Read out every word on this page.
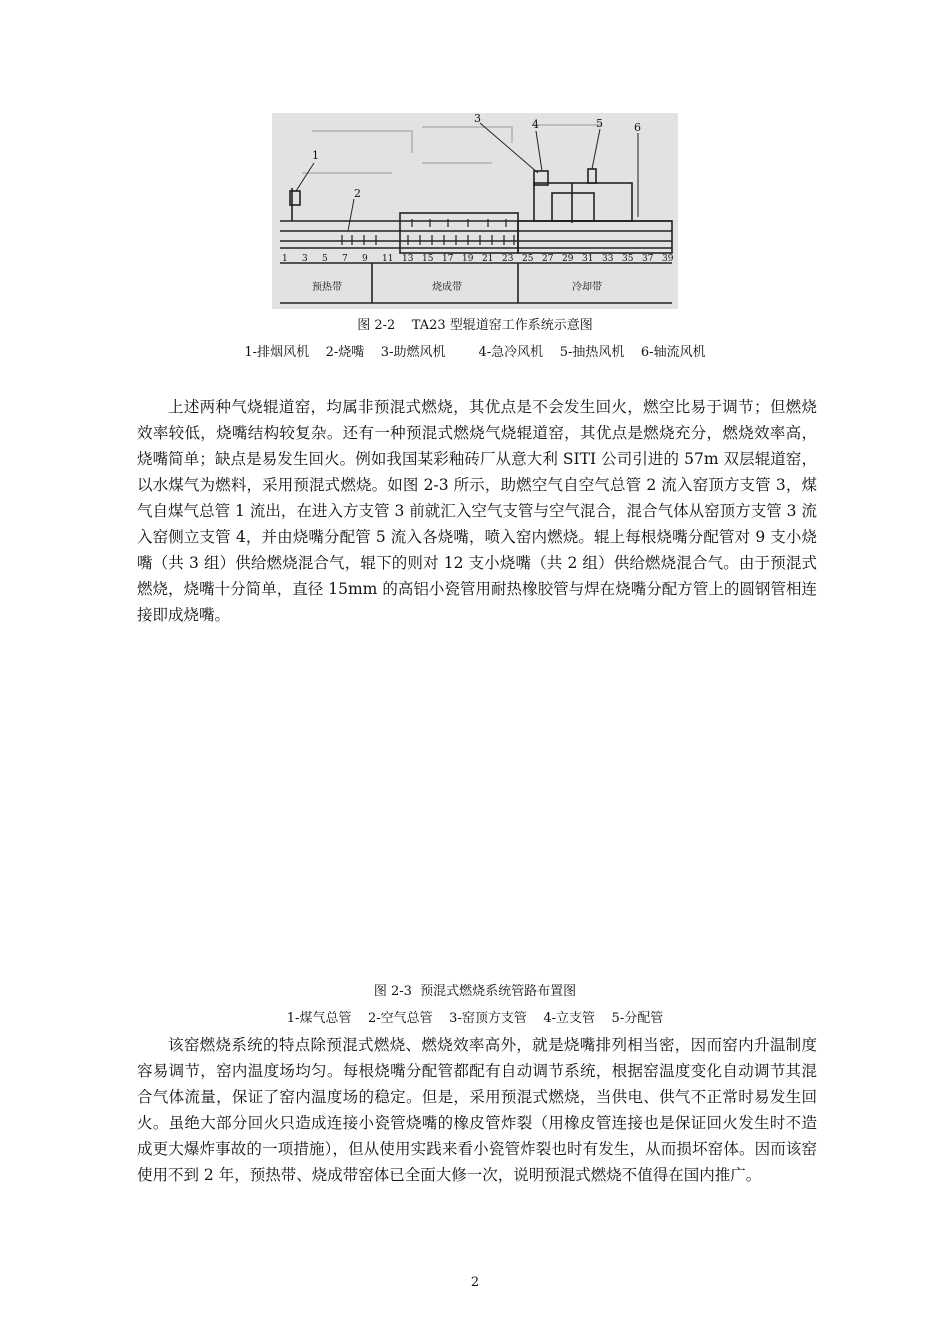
1
2
3	4	5	6
1 3 5 7 9 11 13 15 17 19 21 23 25 27 29 31 33 35 37 39
预热带	烧成带	冷却带
图 2-2    TA23 型辊道窑工作系统示意图
1-排烟风机    2-烧嘴    3-助燃风机        4-急冷风机    5-抽热风机    6-轴流风机

上述两种气烧辊道窑，均属非预混式燃烧，其优点是不会发生回火，燃空比易于调节；但燃烧效率较低，烧嘴结构较复杂。还有一种预混式燃烧气烧辊道窑，其优点是燃烧充分，燃烧效率高，烧嘴简单；缺点是易发生回火。例如我国某彩釉砖厂从意大利 SITI 公司引进的 57m 双层辊道窑，以水煤气为燃料，采用预混式燃烧。如图 2-3 所示，助燃空气自空气总管 2 流入窑顶方支管 3，煤气自煤气总管 1 流出，在进入方支管 3 前就汇入空气支管与空气混合，混合气体从窑顶方支管 3 流入窑侧立支管 4，并由烧嘴分配管 5 流入各烧嘴，喷入窑内燃烧。辊上每根烧嘴分配管对 9 支小烧嘴（共 3 组）供给燃烧混合气，辊下的则对 12 支小烧嘴（共 2 组）供给燃烧混合气。由于预混式燃烧，烧嘴十分简单，直径 15mm 的高铝小瓷管用耐热橡胶管与焊在烧嘴分配方管上的圆钢管相连接即成烧嘴。

图 2-3  预混式燃烧系统管路布置图
1-煤气总管    2-空气总管    3-窑顶方支管    4-立支管    5-分配管

该窑燃烧系统的特点除预混式燃烧、燃烧效率高外，就是烧嘴排列相当密，因而窑内升温制度容易调节，窑内温度场均匀。每根烧嘴分配管都配有自动调节系统，根据窑温度变化自动调节其混合气体流量，保证了窑内温度场的稳定。但是，采用预混式燃烧，当供电、供气不正常时易发生回火。虽绝大部分回火只造成连接小瓷管烧嘴的橡皮管炸裂（用橡皮管连接也是保证回火发生时不造成更大爆炸事故的一项措施），但从使用实践来看小瓷管炸裂也时有发生，从而损坏窑体。因而该窑使用不到 2 年，预热带、烧成带窑体已全面大修一次，说明预混式燃烧不值得在国内推广。

2
